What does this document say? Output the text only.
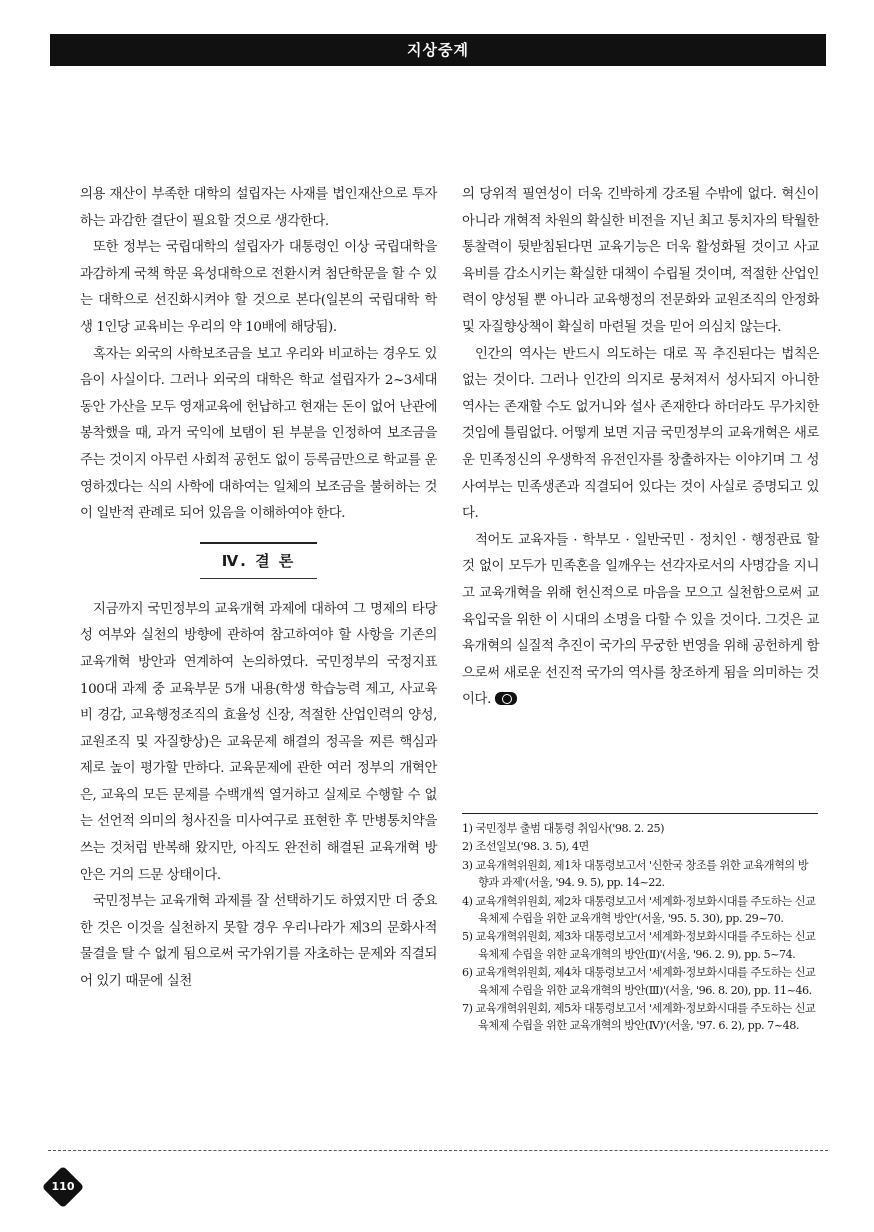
지상중계

의용 재산이 부족한 대학의 설립자는 사재를 법인재산으로 투자하는 과감한 결단이 필요할 것으로 생각한다.

또한 정부는 국립대학의 설립자가 대통령인 이상 국립대학을 과감하게 국책 학문 육성대학으로 전환시켜 첨단학문을 할 수 있는 대학으로 선진화시켜야 할 것으로 본다(일본의 국립대학 학생 1인당 교육비는 우리의 약 10배에 해당됨).

혹자는 외국의 사학보조금을 보고 우리와 비교하는 경우도 있음이 사실이다. 그러나 외국의 대학은 학교 설립자가 2~3세대 동안 가산을 모두 영재교육에 헌납하고 현재는 돈이 없어 난관에 봉착했을 때, 과거 국익에 보탬이 된 부분을 인정하여 보조금을 주는 것이지 아무런 사회적 공헌도 없이 등록금만으로 학교를 운영하겠다는 식의 사학에 대하여는 일체의 보조금을 불허하는 것이 일반적 관례로 되어 있음을 이해하여야 한다.

Ⅳ. 결 론

지금까지 국민정부의 교육개혁 과제에 대하여 그 명제의 타당성 여부와 실천의 방향에 관하여 참고하여야 할 사항을 기존의 교육개혁 방안과 연계하여 논의하였다. 국민정부의 국정지표 100대 과제 중 교육부문 5개 내용(학생 학습능력 제고, 사교육비 경감, 교육행정조직의 효율성 신장, 적절한 산업인력의 양성, 교원조직 및 자질향상)은 교육문제 해결의 정곡을 찌른 핵심과제로 높이 평가할 만하다. 교육문제에 관한 여러 정부의 개혁안은, 교육의 모든 문제를 수백개씩 열거하고 실제로 수행할 수 없는 선언적 의미의 청사진을 미사여구로 표현한 후 만병통치약을 쓰는 것처럼 반복해 왔지만, 아직도 완전히 해결된 교육개혁 방안은 거의 드문 상태이다.

국민정부는 교육개혁 과제를 잘 선택하기도 하였지만 더 중요한 것은 이것을 실천하지 못할 경우 우리나라가 제3의 문화사적 물결을 탈 수 없게 됨으로써 국가위기를 자초하는 문제와 직결되어 있기 때문에 실천

의 당위적 필연성이 더욱 긴박하게 강조될 수밖에 없다. 혁신이 아니라 개혁적 차원의 확실한 비전을 지닌 최고 통치자의 탁월한 통찰력이 뒷받침된다면 교육기능은 더욱 활성화될 것이고 사교육비를 감소시키는 확실한 대책이 수립될 것이며, 적절한 산업인력이 양성될 뿐 아니라 교육행정의 전문화와 교원조직의 안정화 및 자질향상책이 확실히 마련될 것을 믿어 의심치 않는다.

인간의 역사는 반드시 의도하는 대로 꼭 추진된다는 법칙은 없는 것이다. 그러나 인간의 의지로 뭉쳐져서 성사되지 아니한 역사는 존재할 수도 없거니와 설사 존재한다 하더라도 무가치한 것임에 틀림없다. 어떻게 보면 지금 국민정부의 교육개혁은 새로운 민족정신의 우생학적 유전인자를 창출하자는 이야기며 그 성사여부는 민족생존과 직결되어 있다는 것이 사실로 증명되고 있다.

적어도 교육자들 · 학부모 · 일반국민 · 정치인 · 행정관료 할 것 없이 모두가 민족혼을 일깨우는 선각자로서의 사명감을 지니고 교육개혁을 위해 헌신적으로 마음을 모으고 실천함으로써 교육입국을 위한 이 시대의 소명을 다할 수 있을 것이다. 그것은 교육개혁의 실질적 추진이 국가의 무궁한 번영을 위해 공헌하게 함으로써 새로운 선진적 국가의 역사를 창조하게 됨을 의미하는 것이다.

1) 국민정부 출범 대통령 취임사('98. 2. 25)
2) 조선일보('98. 3. 5), 4면
3) 교육개혁위원회, 제1차 대통령보고서 '신한국 창조를 위한 교육개혁의 방향과 과제'(서울, '94. 9. 5), pp. 14~22.
4) 교육개혁위원회, 제2차 대통령보고서 '세계화·정보화시대를 주도하는 신교육체제 수립을 위한 교육개혁 방안'(서울, '95. 5. 30), pp. 29~70.
5) 교육개혁위원회, 제3차 대통령보고서 '세계화·정보화시대를 주도하는 신교육체제 수립을 위한 교육개혁의 방안(Ⅱ)'(서울, '96. 2. 9), pp. 5~74.
6) 교육개혁위원회, 제4차 대통령보고서 '세계화·정보화시대를 주도하는 신교육체제 수립을 위한 교육개혁의 방안(Ⅲ)'(서울, '96. 8. 20), pp. 11~46.
7) 교육개혁위원회, 제5차 대통령보고서 '세계화·정보화시대를 주도하는 신교육체제 수립을 위한 교육개혁의 방안(Ⅳ)'(서울, '97. 6. 2), pp. 7~48.
110
